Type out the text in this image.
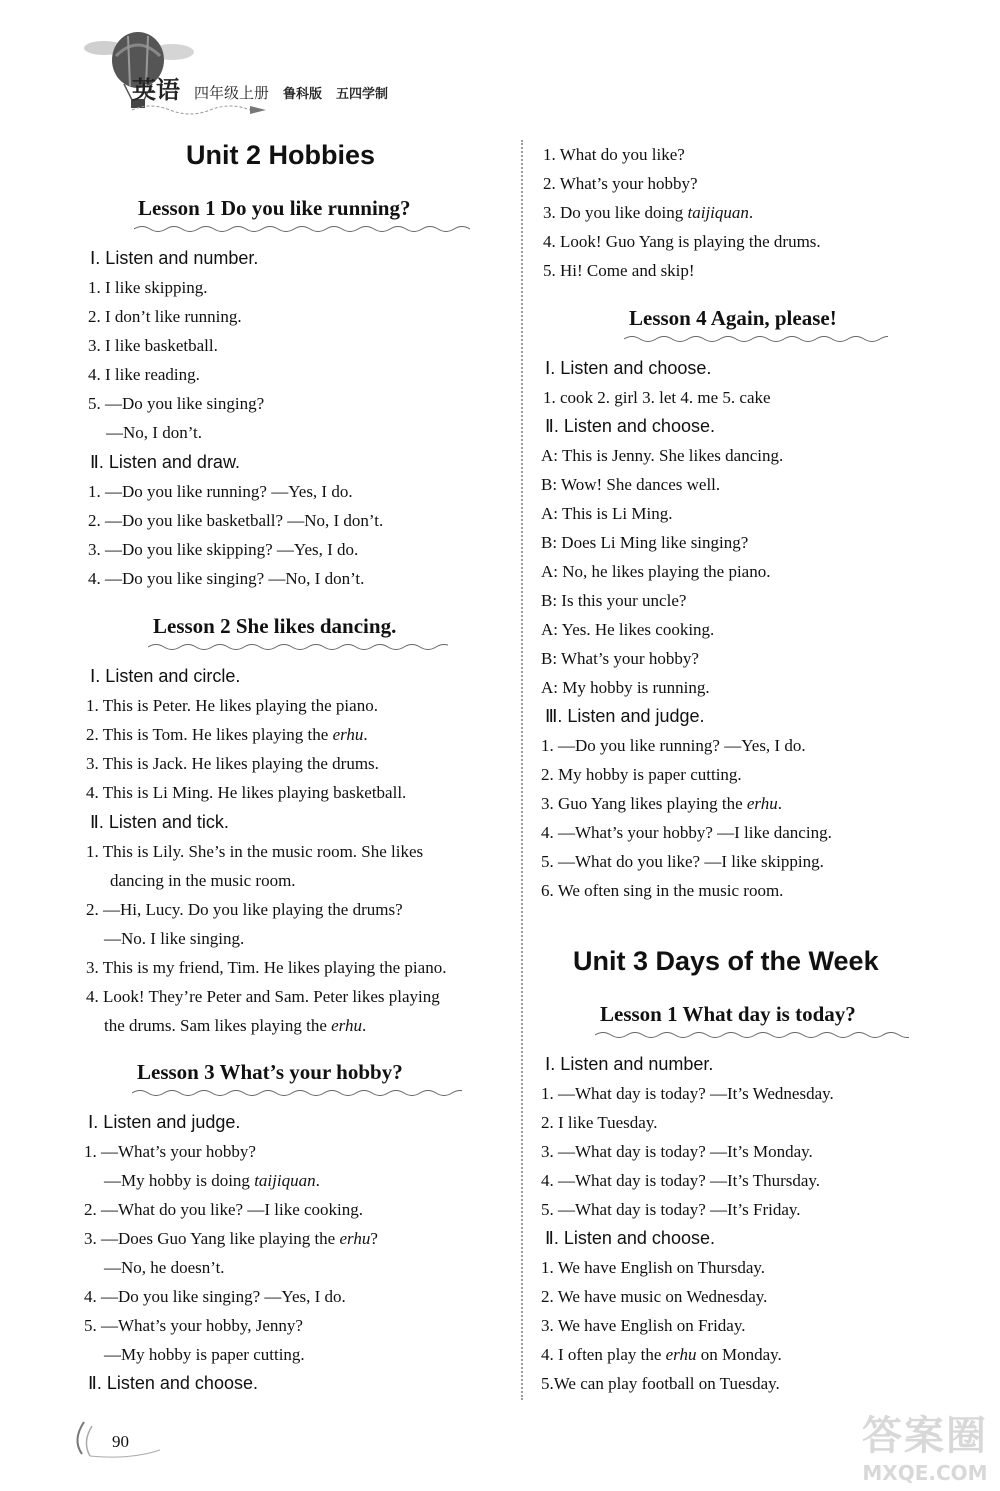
英语 四年级上册 鲁科版 五四学制
Unit 2 Hobbies
Lesson 1 Do you like running?
Ⅰ. Listen and number.
1. I like skipping.
2. I don’t like running.
3. I like basketball.
4. I like reading.
5. —Do you like singing?
—No, I don’t.
Ⅱ. Listen and draw.
1. —Do you like running? —Yes, I do.
2. —Do you like basketball? —No, I don’t.
3. —Do you like skipping? —Yes, I do.
4. —Do you like singing? —No, I don’t.
Lesson 2 She likes dancing.
Ⅰ. Listen and circle.
1. This is Peter. He likes playing the piano.
2. This is Tom. He likes playing the erhu.
3. This is Jack. He likes playing the drums.
4. This is Li Ming. He likes playing basketball.
Ⅱ. Listen and tick.
1. This is Lily. She’s in the music room. She likes
dancing in the music room.
2. —Hi, Lucy. Do you like playing the drums?
—No. I like singing.
3. This is my friend, Tim. He likes playing the piano.
4. Look! They’re Peter and Sam. Peter likes playing
the drums. Sam likes playing the erhu.
Lesson 3 What’s your hobby?
Ⅰ. Listen and judge.
1. —What’s your hobby?
—My hobby is doing taijiquan.
2. —What do you like? —I like cooking.
3. —Does Guo Yang like playing the erhu?
—No, he doesn’t.
4. —Do you like singing? —Yes, I do.
5. —What’s your hobby, Jenny?
—My hobby is paper cutting.
Ⅱ. Listen and choose.
1. What do you like?
2. What’s your hobby?
3. Do you like doing taijiquan.
4. Look! Guo Yang is playing the drums.
5. Hi! Come and skip!
Lesson 4 Again, please!
Ⅰ. Listen and choose.
1. cook 2. girl 3. let 4. me 5. cake
Ⅱ. Listen and choose.
A: This is Jenny. She likes dancing.
B: Wow! She dances well.
A: This is Li Ming.
B: Does Li Ming like singing?
A: No, he likes playing the piano.
B: Is this your uncle?
A: Yes. He likes cooking.
B: What’s your hobby?
A: My hobby is running.
Ⅲ. Listen and judge.
1. —Do you like running? —Yes, I do.
2. My hobby is paper cutting.
3. Guo Yang likes playing the erhu.
4. —What’s your hobby? —I like dancing.
5. —What do you like? —I like skipping.
6. We often sing in the music room.
Unit 3 Days of the Week
Lesson 1 What day is today?
Ⅰ. Listen and number.
1. —What day is today? —It’s Wednesday.
2. I like Tuesday.
3. —What day is today? —It’s Monday.
4. —What day is today? —It’s Thursday.
5. —What day is today? —It’s Friday.
Ⅱ. Listen and choose.
1. We have English on Thursday.
2. We have music on Wednesday.
3. We have English on Friday.
4. I often play the erhu on Monday.
5.We can play football on Tuesday.
90	答案圈
MXQE.COM
